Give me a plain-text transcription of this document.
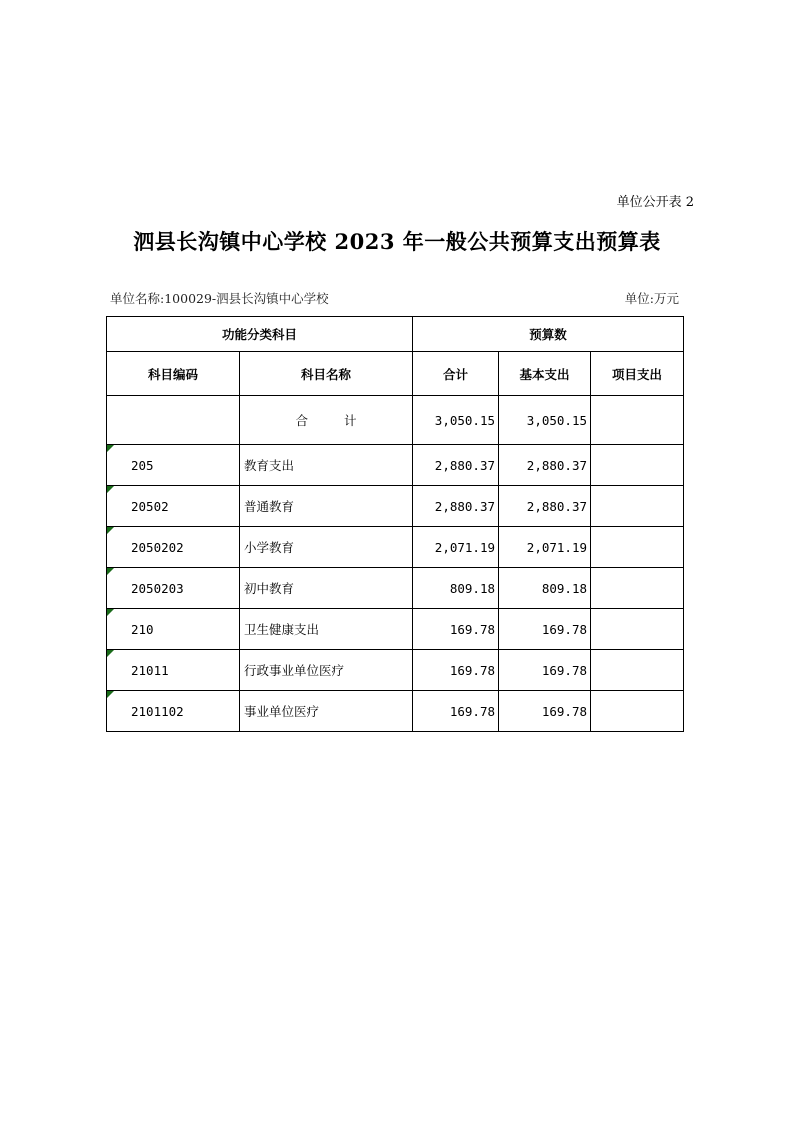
单位公开表 2
泗县长沟镇中心学校 2023 年一般公共预算支出预算表
单位名称:100029-泗县长沟镇中心学校	单位:万元
功能分类科目		预算数		
科目编码	科目名称	合计	基本支出	项目支出
	合 计	3,050.15	3,050.15	

205	教育支出	2,880.37	2,880.37	

20502	普通教育	2,880.37	2,880.37	

2050202	小学教育	2,071.19	2,071.19	

2050203	初中教育	809.18	809.18	

210	卫生健康支出	169.78	169.78	

21011	行政事业单位医疗	169.78	169.78	

2101102	事业单位医疗	169.78	169.78	
